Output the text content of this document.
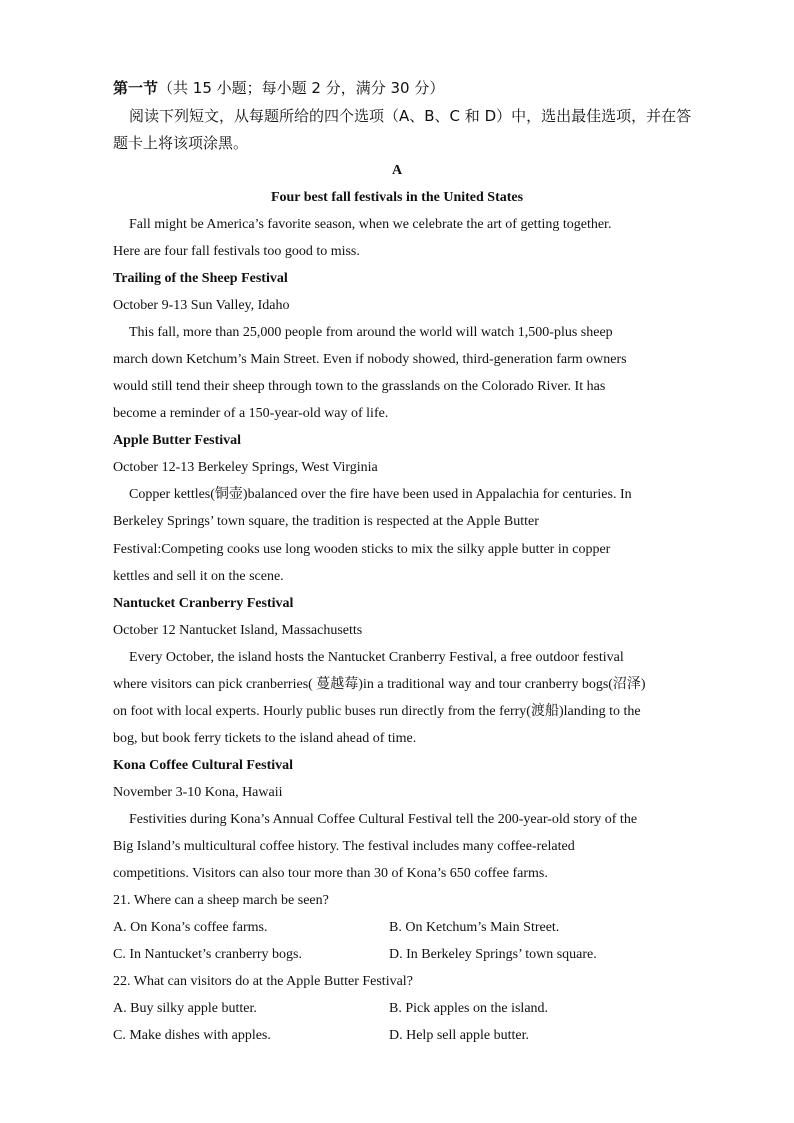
第一节（共 15 小题；每小题 2 分，满分 30 分）
阅读下列短文，从每题所给的四个选项（A、B、C 和 D）中，选出最佳选项，并在答
题卡上将该项涂黑。
A
Four best fall festivals in the United States
Fall might be America’s favorite season, when we celebrate the art of getting together.
Here are four fall festivals too good to miss.
Trailing of the Sheep Festival
October 9-13 Sun Valley, Idaho
This fall, more than 25,000 people from around the world will watch 1,500-plus sheep
march down Ketchum’s Main Street. Even if nobody showed, third-generation farm owners
would still tend their sheep through town to the grasslands on the Colorado River. It has
become a reminder of a 150-year-old way of life.
Apple Butter Festival
October 12-13 Berkeley Springs, West Virginia
Copper kettles(铜壶)balanced over the fire have been used in Appalachia for centuries. In
Berkeley Springs’ town square, the tradition is respected at the Apple Butter
Festival:Competing cooks use long wooden sticks to mix the silky apple butter in copper
kettles and sell it on the scene.
Nantucket Cranberry Festival
October 12 Nantucket Island, Massachusetts
Every October, the island hosts the Nantucket Cranberry Festival, a free outdoor festival
where visitors can pick cranberries( 蔓越莓)in a traditional way and tour cranberry bogs(沼泽)
on foot with local experts. Hourly public buses run directly from the ferry(渡船)landing to the
bog, but book ferry tickets to the island ahead of time.
Kona Coffee Cultural Festival
November 3-10 Kona, Hawaii
Festivities during Kona’s Annual Coffee Cultural Festival tell the 200-year-old story of the
Big Island’s multicultural coffee history. The festival includes many coffee-related
competitions. Visitors can also tour more than 30 of Kona’s 650 coffee farms.
21. Where can a sheep march be seen?
A. On Kona’s coffee farms.	B. On Ketchum’s Main Street.
C. In Nantucket’s cranberry bogs.	D. In Berkeley Springs’ town square.
22. What can visitors do at the Apple Butter Festival?
A. Buy silky apple butter.	B. Pick apples on the island.
C. Make dishes with apples.	D. Help sell apple butter.
